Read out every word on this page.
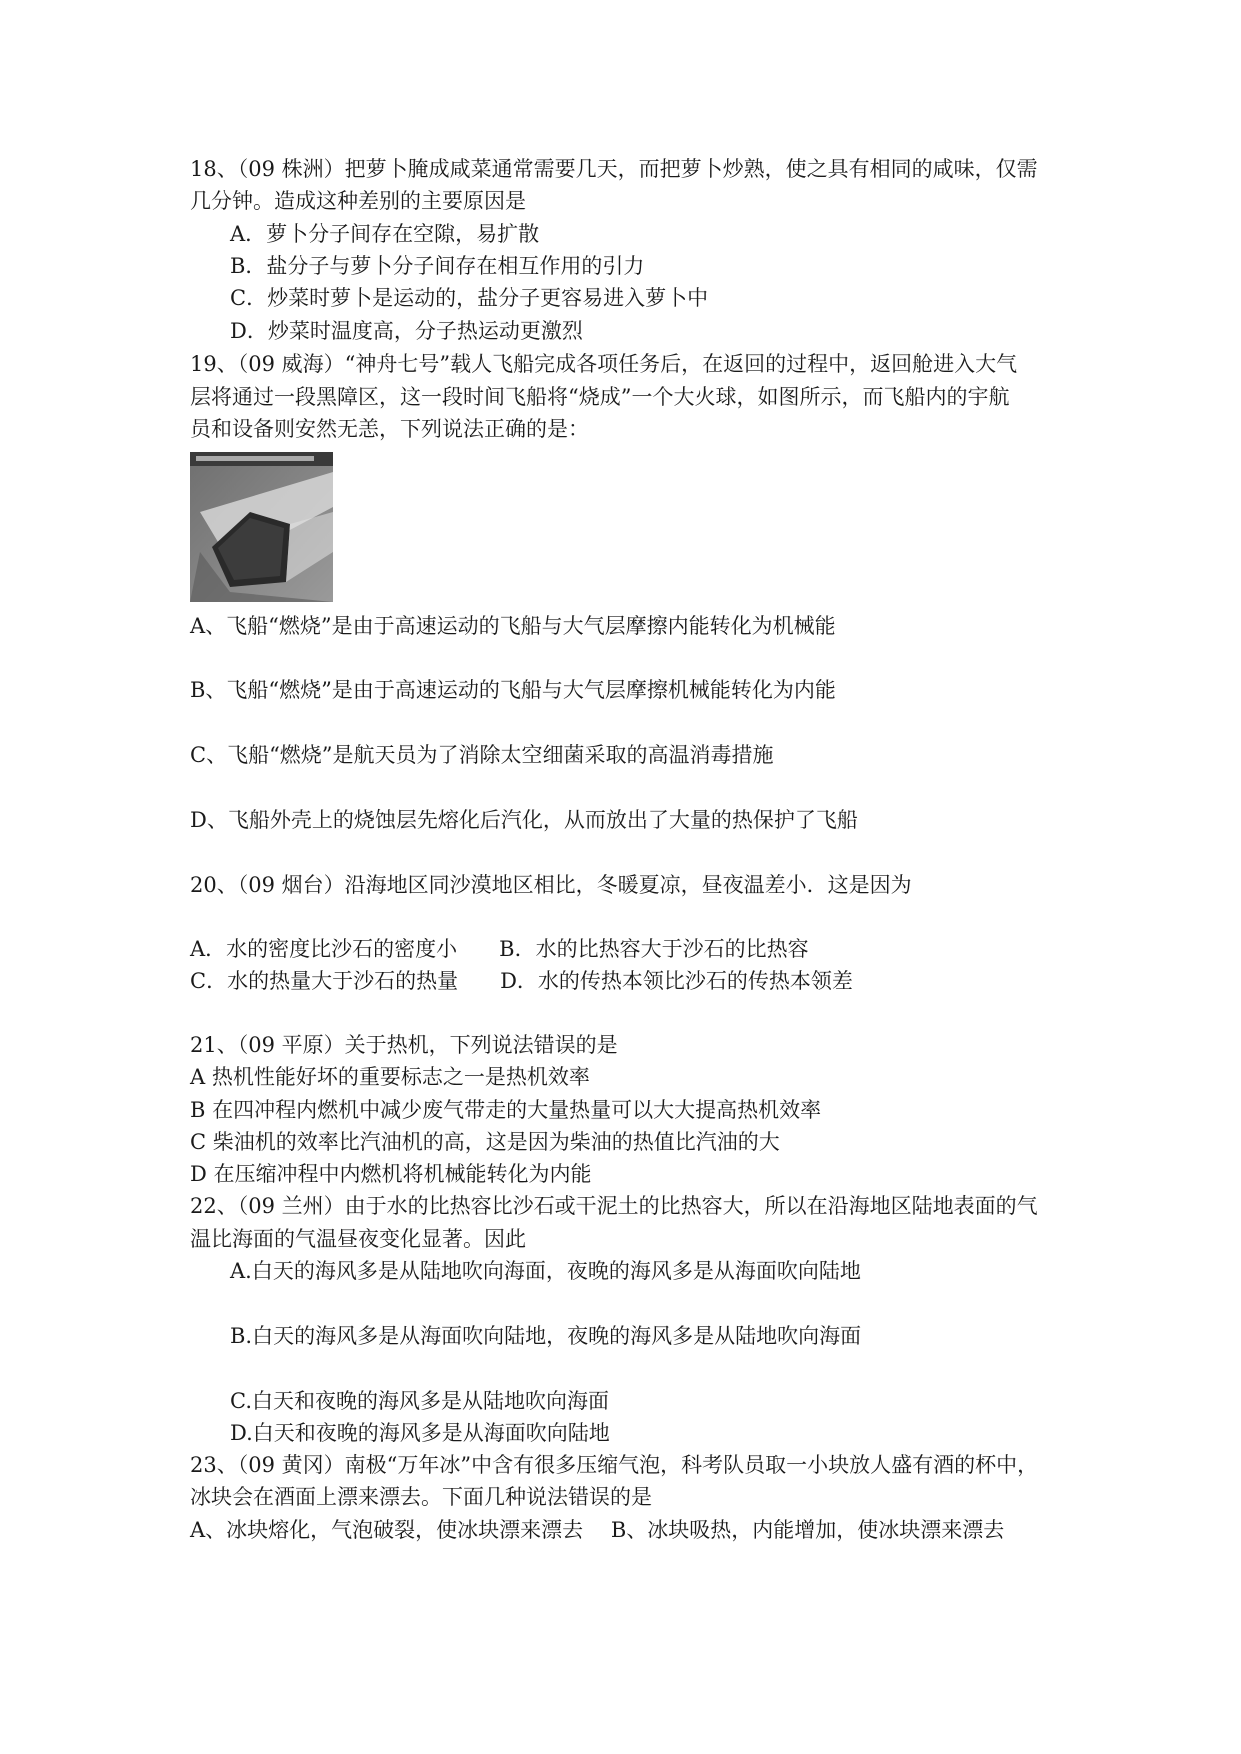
18、（09 株洲）把萝卜腌成咸菜通常需要几天，而把萝卜炒熟，使之具有相同的咸味，仅需
几分钟。造成这种差别的主要原因是
A．萝卜分子间存在空隙，易扩散
B．盐分子与萝卜分子间存在相互作用的引力
C．炒菜时萝卜是运动的，盐分子更容易进入萝卜中
D．炒菜时温度高，分子热运动更激烈
19、（09 威海）“神舟七号”载人飞船完成各项任务后，在返回的过程中，返回舱进入大气
层将通过一段黑障区，这一段时间飞船将“烧成”一个大火球，如图所示，而飞船内的宇航
员和设备则安然无恙，下列说法正确的是：
A、飞船“燃烧”是由于高速运动的飞船与大气层摩擦内能转化为机械能
B、飞船“燃烧”是由于高速运动的飞船与大气层摩擦机械能转化为内能
C、飞船“燃烧”是航天员为了消除太空细菌采取的高温消毒措施
D、飞船外壳上的烧蚀层先熔化后汽化，从而放出了大量的热保护了飞船
20、（09 烟台）沿海地区同沙漠地区相比，冬暖夏凉，昼夜温差小．这是因为
A．水的密度比沙石的密度小　　B．水的比热容大于沙石的比热容
C．水的热量大于沙石的热量　　D．水的传热本领比沙石的传热本领差
21、（09 平原）关于热机，下列说法错误的是
A 热机性能好坏的重要标志之一是热机效率
B 在四冲程内燃机中减少废气带走的大量热量可以大大提高热机效率
C 柴油机的效率比汽油机的高，这是因为柴油的热值比汽油的大
D 在压缩冲程中内燃机将机械能转化为内能
22、（09 兰州）由于水的比热容比沙石或干泥土的比热容大，所以在沿海地区陆地表面的气
温比海面的气温昼夜变化显著。因此
A.白天的海风多是从陆地吹向海面，夜晚的海风多是从海面吹向陆地
B.白天的海风多是从海面吹向陆地，夜晚的海风多是从陆地吹向海面
C.白天和夜晚的海风多是从陆地吹向海面
D.白天和夜晚的海风多是从海面吹向陆地
23、（09 黄冈）南极“万年冰”中含有很多压缩气泡，科考队员取一小块放人盛有酒的杯中，
冰块会在酒面上漂来漂去。下面几种说法错误的是
A、冰块熔化，气泡破裂，使冰块漂来漂去　 B、冰块吸热，内能增加，使冰块漂来漂去
